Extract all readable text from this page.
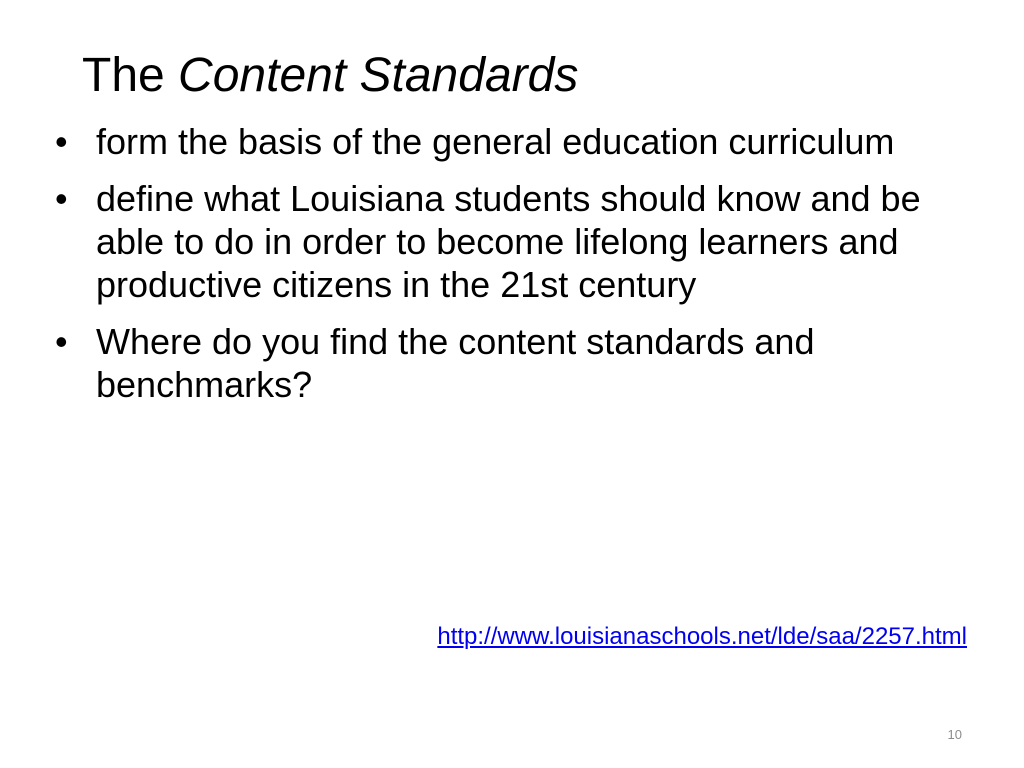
The Content Standards
• form the basis of the general education curriculum
• define what Louisiana students should know and be able to do in order to become lifelong learners and productive citizens in the 21st century
• Where do you find the content standards and  benchmarks?
http://www.louisianaschools.net/lde/saa/2257.html
10
